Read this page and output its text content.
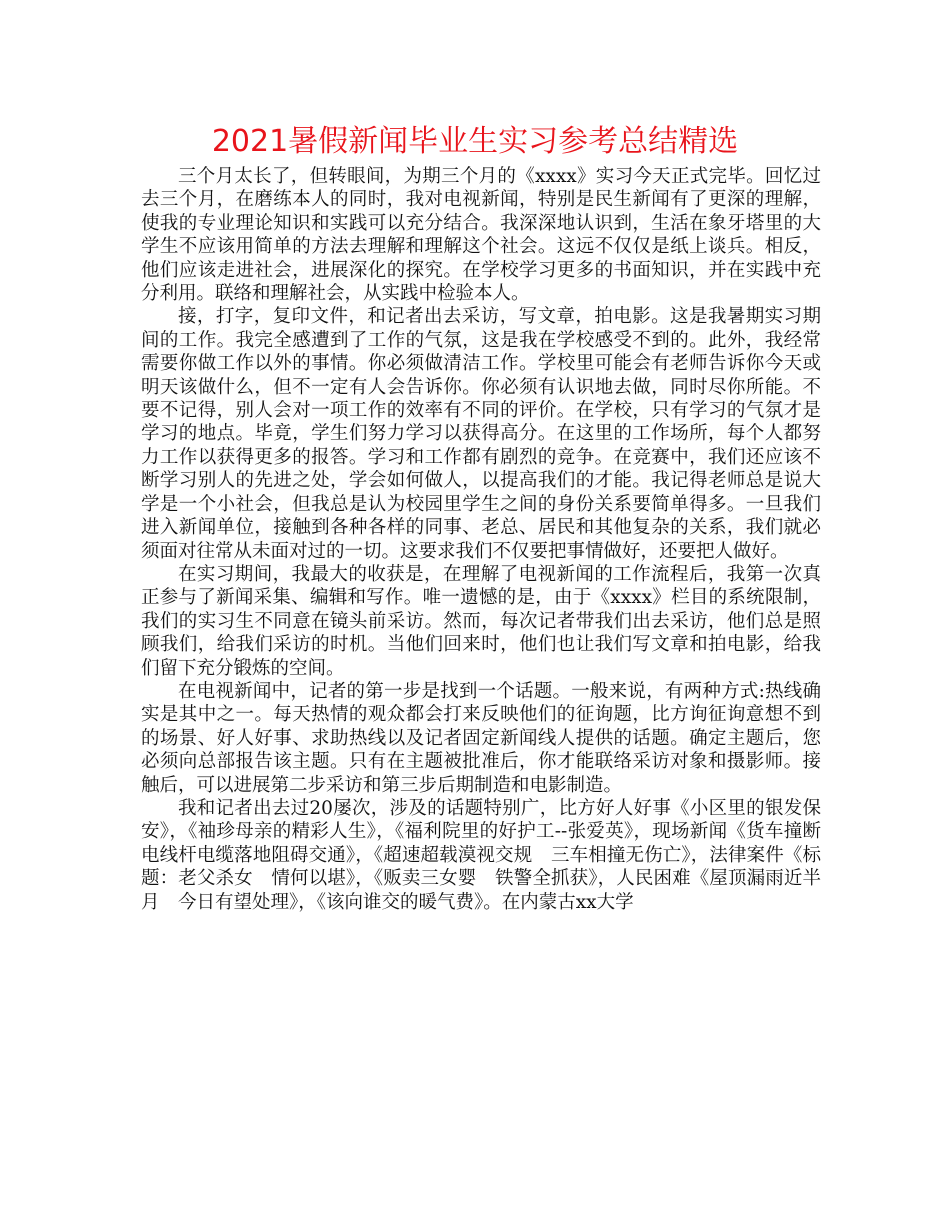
2021暑假新闻毕业生实习参考总结精选

三个月太长了，但转眼间，为期三个月的《xxxx》实习今天正式完毕。回忆过去三个月，在磨练本人的同时，我对电视新闻，特别是民生新闻有了更深的理解，使我的专业理论知识和实践可以充分结合。我深深地认识到，生活在象牙塔里的大学生不应该用简单的方法去理解和理解这个社会。这远不仅仅是纸上谈兵。相反，他们应该走进社会，进展深化的探究。在学校学习更多的书面知识，并在实践中充分利用。联络和理解社会，从实践中检验本人。

接，打字，复印文件，和记者出去采访，写文章，拍电影。这是我暑期实习期间的工作。我完全感遭到了工作的气氛，这是我在学校感受不到的。此外，我经常需要你做工作以外的事情。你必须做清洁工作。学校里可能会有老师告诉你今天或明天该做什么，但不一定有人会告诉你。你必须有认识地去做，同时尽你所能。不要不记得，别人会对一项工作的效率有不同的评价。在学校，只有学习的气氛才是学习的地点。毕竟，学生们努力学习以获得高分。在这里的工作场所，每个人都努力工作以获得更多的报答。学习和工作都有剧烈的竞争。在竞赛中，我们还应该不断学习别人的先进之处，学会如何做人，以提高我们的才能。我记得老师总是说大学是一个小社会，但我总是认为校园里学生之间的身份关系要简单得多。一旦我们进入新闻单位，接触到各种各样的同事、老总、居民和其他复杂的关系，我们就必须面对往常从未面对过的一切。这要求我们不仅要把事情做好，还要把人做好。

在实习期间，我最大的收获是，在理解了电视新闻的工作流程后，我第一次真正参与了新闻采集、编辑和写作。唯一遗憾的是，由于《xxxx》栏目的系统限制，我们的实习生不同意在镜头前采访。然而，每次记者带我们出去采访，他们总是照顾我们，给我们采访的时机。当他们回来时，他们也让我们写文章和拍电影，给我们留下充分锻炼的空间。

在电视新闻中，记者的第一步是找到一个话题。一般来说，有两种方式:热线确实是其中之一。每天热情的观众都会打来反映他们的征询题，比方询征询意想不到的场景、好人好事、求助热线以及记者固定新闻线人提供的话题。确定主题后，您必须向总部报告该主题。只有在主题被批准后，你才能联络采访对象和摄影师。接触后，可以进展第二步采访和第三步后期制造和电影制造。

我和记者出去过20屡次，涉及的话题特别广，比方好人好事《小区里的银发保安》，《袖珍母亲的精彩人生》，《福利院里的好护工--张爱英》，现场新闻《货车撞断电线杆电缆落地阻碍交通》，《超速超载漠视交规　三车相撞无伤亡》，法律案件《标题：老父杀女　情何以堪》，《贩卖三女婴　铁警全抓获》，人民困难《屋顶漏雨近半月　今日有望处理》，《该向谁交的暖气费》。在内蒙古xx大学
